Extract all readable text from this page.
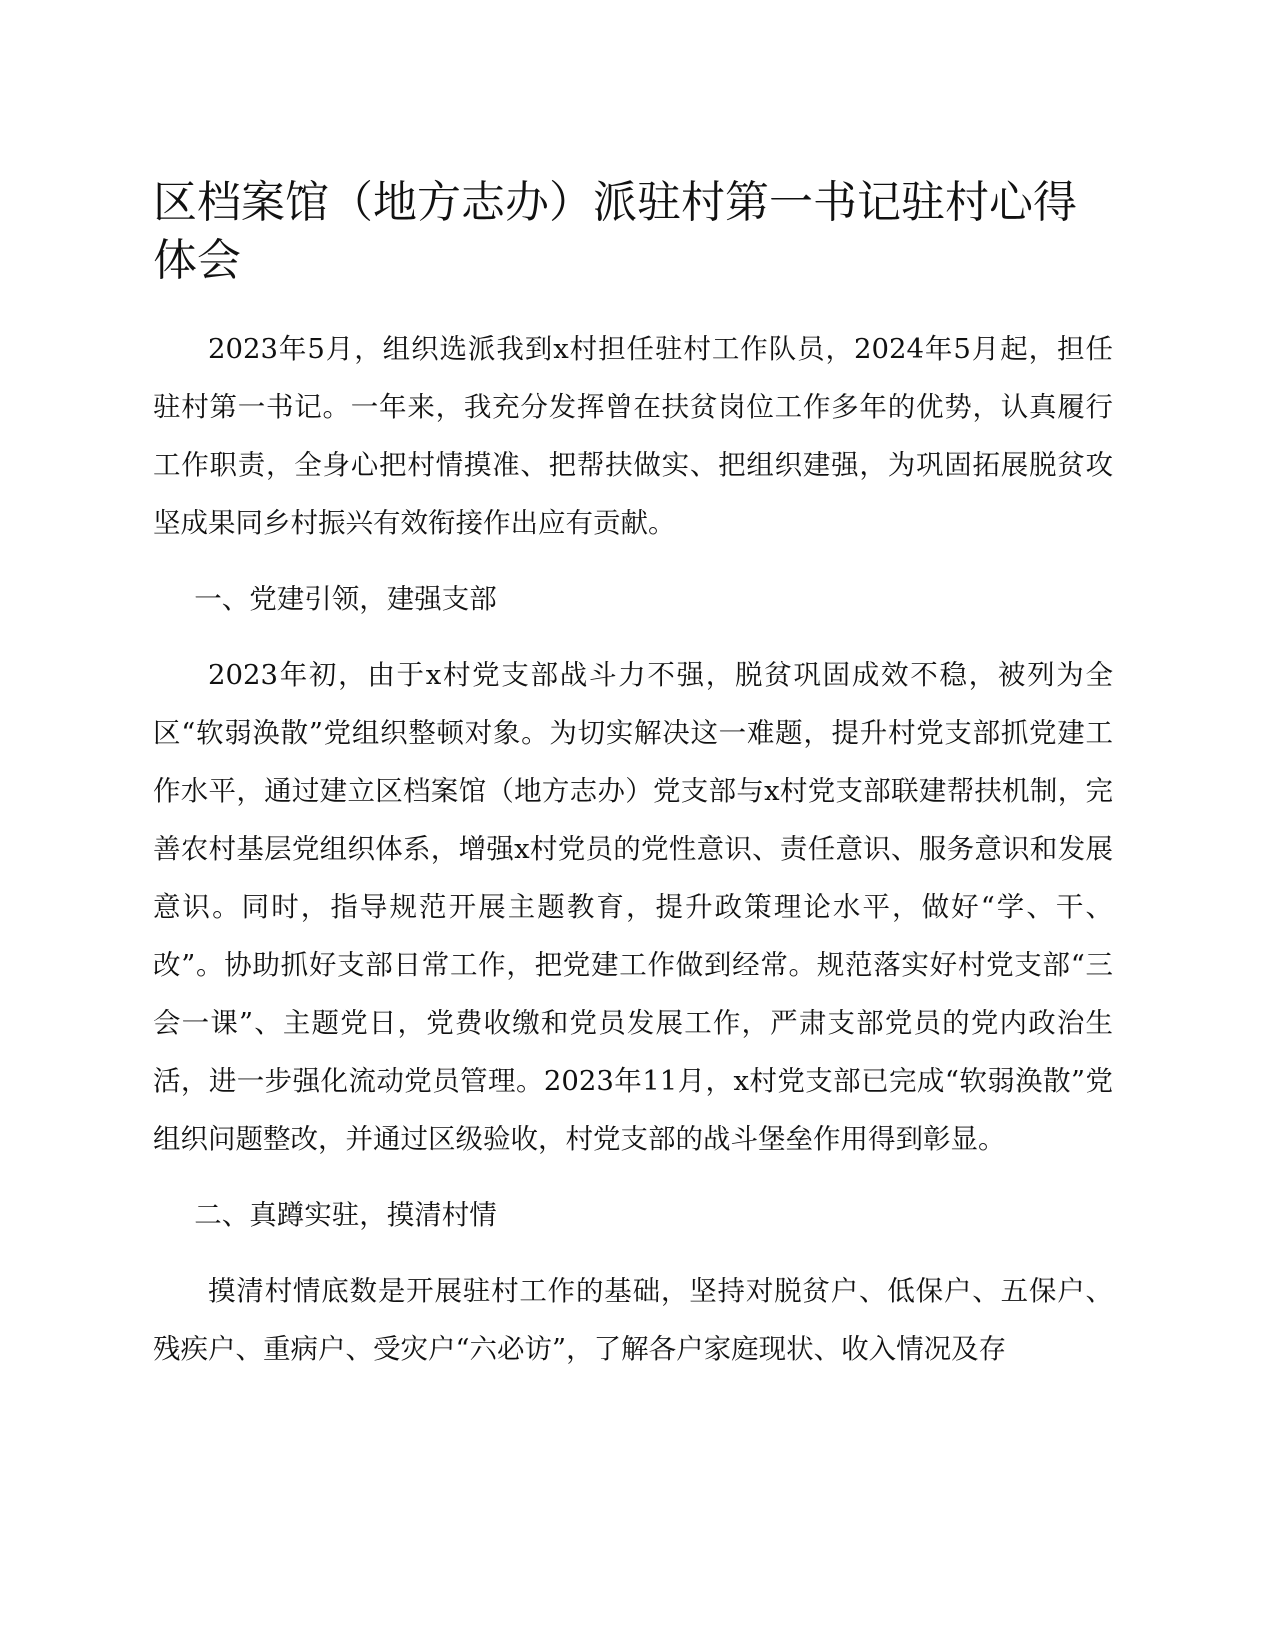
区档案馆（地方志办）派驻村第一书记驻村心得体会

2023年5月，组织选派我到x村担任驻村工作队员，2024年5月起，担任驻村第一书记。一年来，我充分发挥曾在扶贫岗位工作多年的优势，认真履行工作职责，全身心把村情摸准、把帮扶做实、把组织建强，为巩固拓展脱贫攻坚成果同乡村振兴有效衔接作出应有贡献。

一、党建引领，建强支部

2023年初，由于x村党支部战斗力不强，脱贫巩固成效不稳，被列为全区“软弱涣散”党组织整顿对象。为切实解决这一难题，提升村党支部抓党建工作水平，通过建立区档案馆（地方志办）党支部与x村党支部联建帮扶机制，完善农村基层党组织体系，增强x村党员的党性意识、责任意识、服务意识和发展意识。同时，指导规范开展主题教育，提升政策理论水平，做好“学、干、改”。协助抓好支部日常工作，把党建工作做到经常。规范落实好村党支部“三会一课”、主题党日，党费收缴和党员发展工作，严肃支部党员的党内政治生活，进一步强化流动党员管理。2023年11月，x村党支部已完成“软弱涣散”党组织问题整改，并通过区级验收，村党支部的战斗堡垒作用得到彰显。

二、真蹲实驻，摸清村情

摸清村情底数是开展驻村工作的基础，坚持对脱贫户、低保户、五保户、残疾户、重病户、受灾户“六必访”，了解各户家庭现状、收入情况及存
